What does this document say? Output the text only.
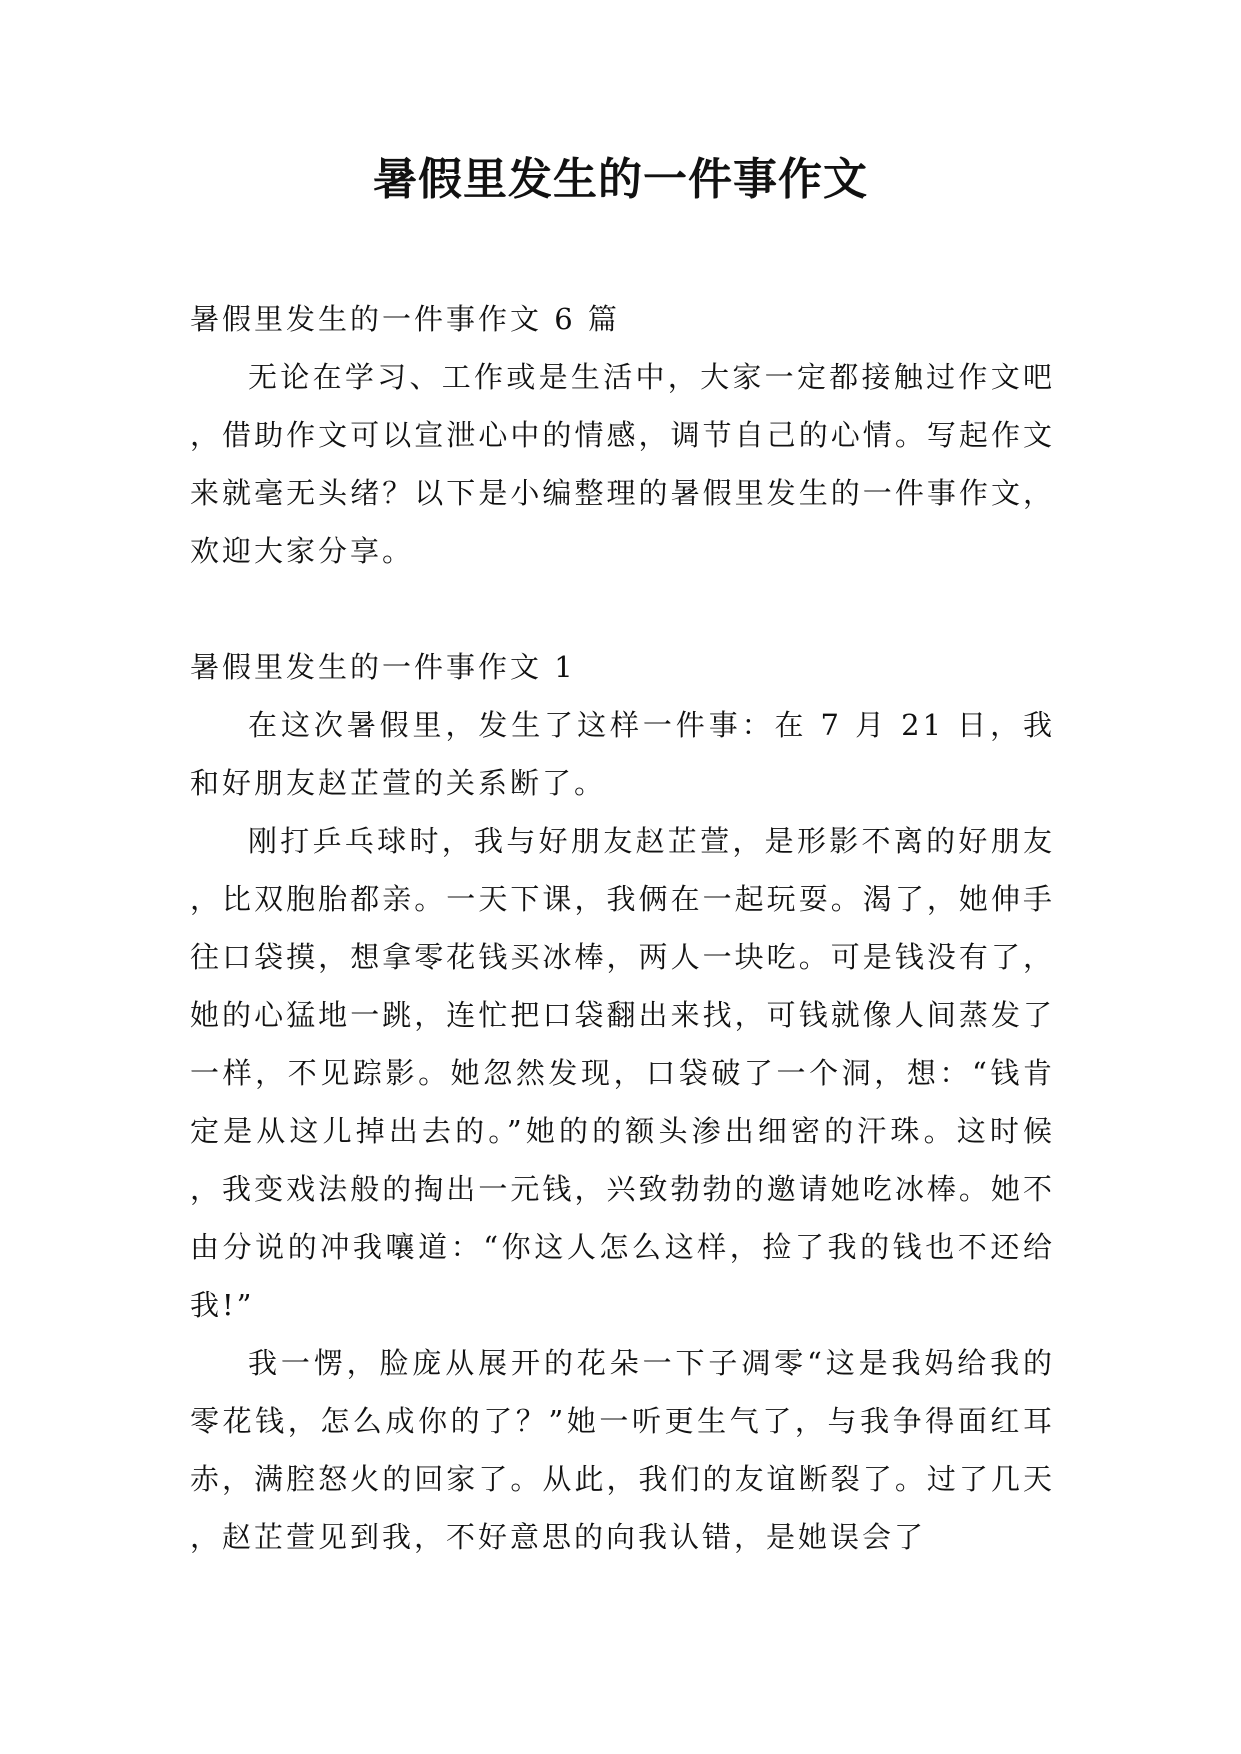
暑假里发生的一件事作文

暑假里发生的一件事作文 6 篇

无论在学习、工作或是生活中，大家一定都接触过作文吧，借助作文可以宣泄心中的情感，调节自己的心情。写起作文来就毫无头绪？以下是小编整理的暑假里发生的一件事作文，欢迎大家分享。

暑假里发生的一件事作文 1

在这次暑假里，发生了这样一件事：在 7 月 21 日，我和好朋友赵芷萱的关系断了。

刚打乒乓球时，我与好朋友赵芷萱，是形影不离的好朋友，比双胞胎都亲。一天下课，我俩在一起玩耍。渴了，她伸手往口袋摸，想拿零花钱买冰棒，两人一块吃。可是钱没有了，她的心猛地一跳，连忙把口袋翻出来找，可钱就像人间蒸发了一样，不见踪影。她忽然发现，口袋破了一个洞，想：“钱肯定是从这儿掉出去的。”她的的额头渗出细密的汗珠。这时候，我变戏法般的掏出一元钱，兴致勃勃的邀请她吃冰棒。她不由分说的冲我嚷道：“你这人怎么这样，捡了我的钱也不还给我!”

我一愣，脸庞从展开的花朵一下子凋零“这是我妈给我的零花钱，怎么成你的了？”她一听更生气了，与我争得面红耳赤，满腔怒火的回家了。从此，我们的友谊断裂了。过了几天，赵芷萱见到我，不好意思的向我认错，是她误会了
